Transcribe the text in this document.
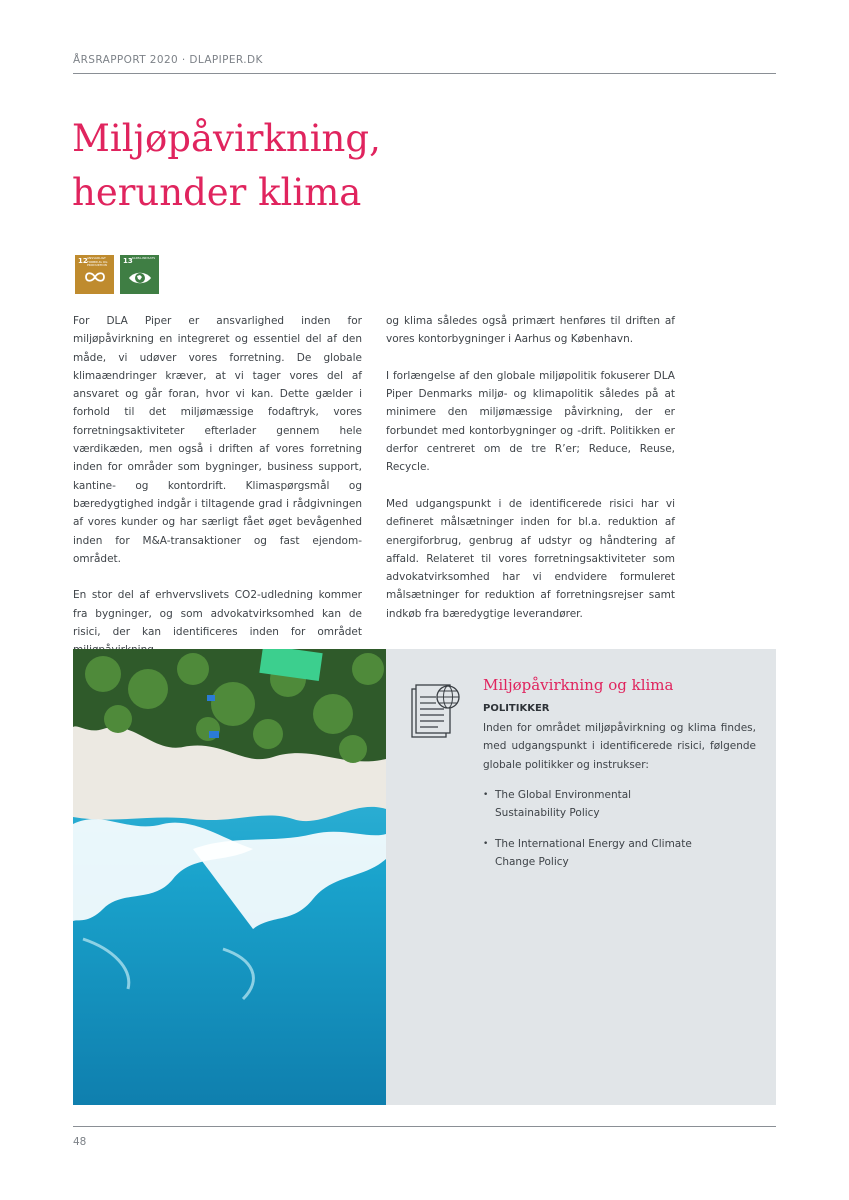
ÅRSRAPPORT 2020 · DLAPIPER.DK
Miljøpåvirkning,
herunder klima
12 ANSVARLIGT FORBRUG OG PRODUKTION	13 KLIMA-INDSATS

For DLA Piper er ansvarlighed inden for miljøpåvirkning en integreret og essentiel del af den måde, vi udøver vores forretning. De globale klimaændringer kræver, at vi tager vores del af ansvaret og går foran, hvor vi kan. Dette gælder i forhold til det miljømæssige fodaftryk, vores forretningsaktiviteter efterlader gennem hele værdikæden, men også i driften af vores forretning inden for områder som bygninger, business support, kantine- og kontordrift. Klimaspørgsmål og bæredygtighed indgår i tiltagende grad i rådgivningen af vores kunder og har særligt fået øget bevågenhed inden for M&A-transaktioner og fast ejendom-området.

En stor del af erhvervslivets CO2-udledning kommer fra bygninger, og som advokatvirksomhed kan de risici, der kan identificeres inden for området

og klima således også primært henføres til driften af vores kontorbygninger i Aarhus og København.

I forlængelse af den globale miljøpolitik fokuserer DLA Piper Denmarks miljø- og klimapolitik således på at minimere den miljømæssige påvirkning, der er forbundet med kontorbygninger og -drift. Politikken er derfor centreret om de tre R’er; Reduce, Reuse, Recycle.

Med udgangspunkt i de identificerede risici har vi defineret målsætninger inden for bl.a. reduktion af energiforbrug, genbrug af udstyr og håndtering af affald. Relateret til vores forretningsaktiviteter som advokatvirksomhed har vi endvidere formuleret målsætninger for reduktion af forretningsrejser samt indkøb fra bæredygtige leverandører.

Miljøpåvirkning og klima
POLITIKKER

Inden for området miljøpåvirkning og klima findes, med udgangspunkt i identificerede risici, følgende globale politikker og instrukser:

• The Global Environmental Sustainability Policy
• The International Energy and Climate Change Policy
48
